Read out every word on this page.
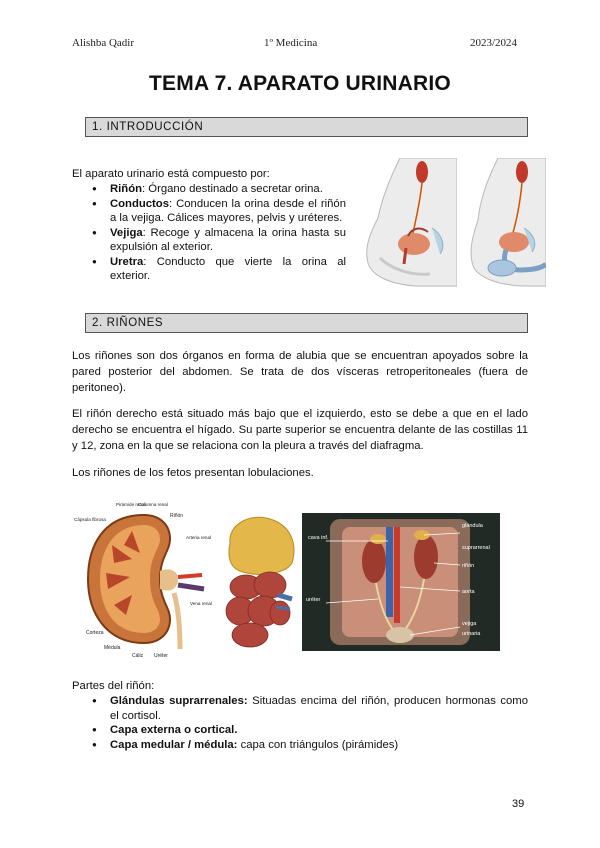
Alishba Qadir	1º Medicina	2023/2024
TEMA 7. APARATO URINARIO
1. INTRODUCCIÓN
El aparato urinario está compuesto por:
● Riñón: Órgano destinado a secretar orina.
● Conductos: Conducen la orina desde el riñón a la vejiga. Cálices mayores, pelvis y uréteres.
● Vejiga: Recoge y almacena la orina hasta su expulsión al exterior.
● Uretra: Conducto que vierte la orina al exterior.
2. RIÑONES
Los riñones son dos órganos en forma de alubia que se encuentran apoyados sobre la pared posterior del abdomen. Se trata de dos vísceras retroperitoneales (fuera de peritoneo).
El riñón derecho está situado más bajo que el izquierdo, esto se debe a que en el lado derecho se encuentra el hígado. Su parte superior se encuentra delante de las costillas 11 y 12, zona en la que se relaciona con la pleura a través del diafragma.
Los riñones de los fetos presentan lobulaciones.
Pirámide renal
Columna renal
Cápsula fibrosa
Riñón
Arteria renal
Vena renal
Corteza
Médula
Cáliz Uréter
cava inf.
uréter
glándula
suprarrenal
riñón
aorta
vejiga
urinaria
Partes del riñón:
● Glándulas suprarrenales: Situadas encima del riñón, producen hormonas como el cortisol.
● Capa externa o cortical.
● Capa medular / médula: capa con triángulos (pirámides)
39
